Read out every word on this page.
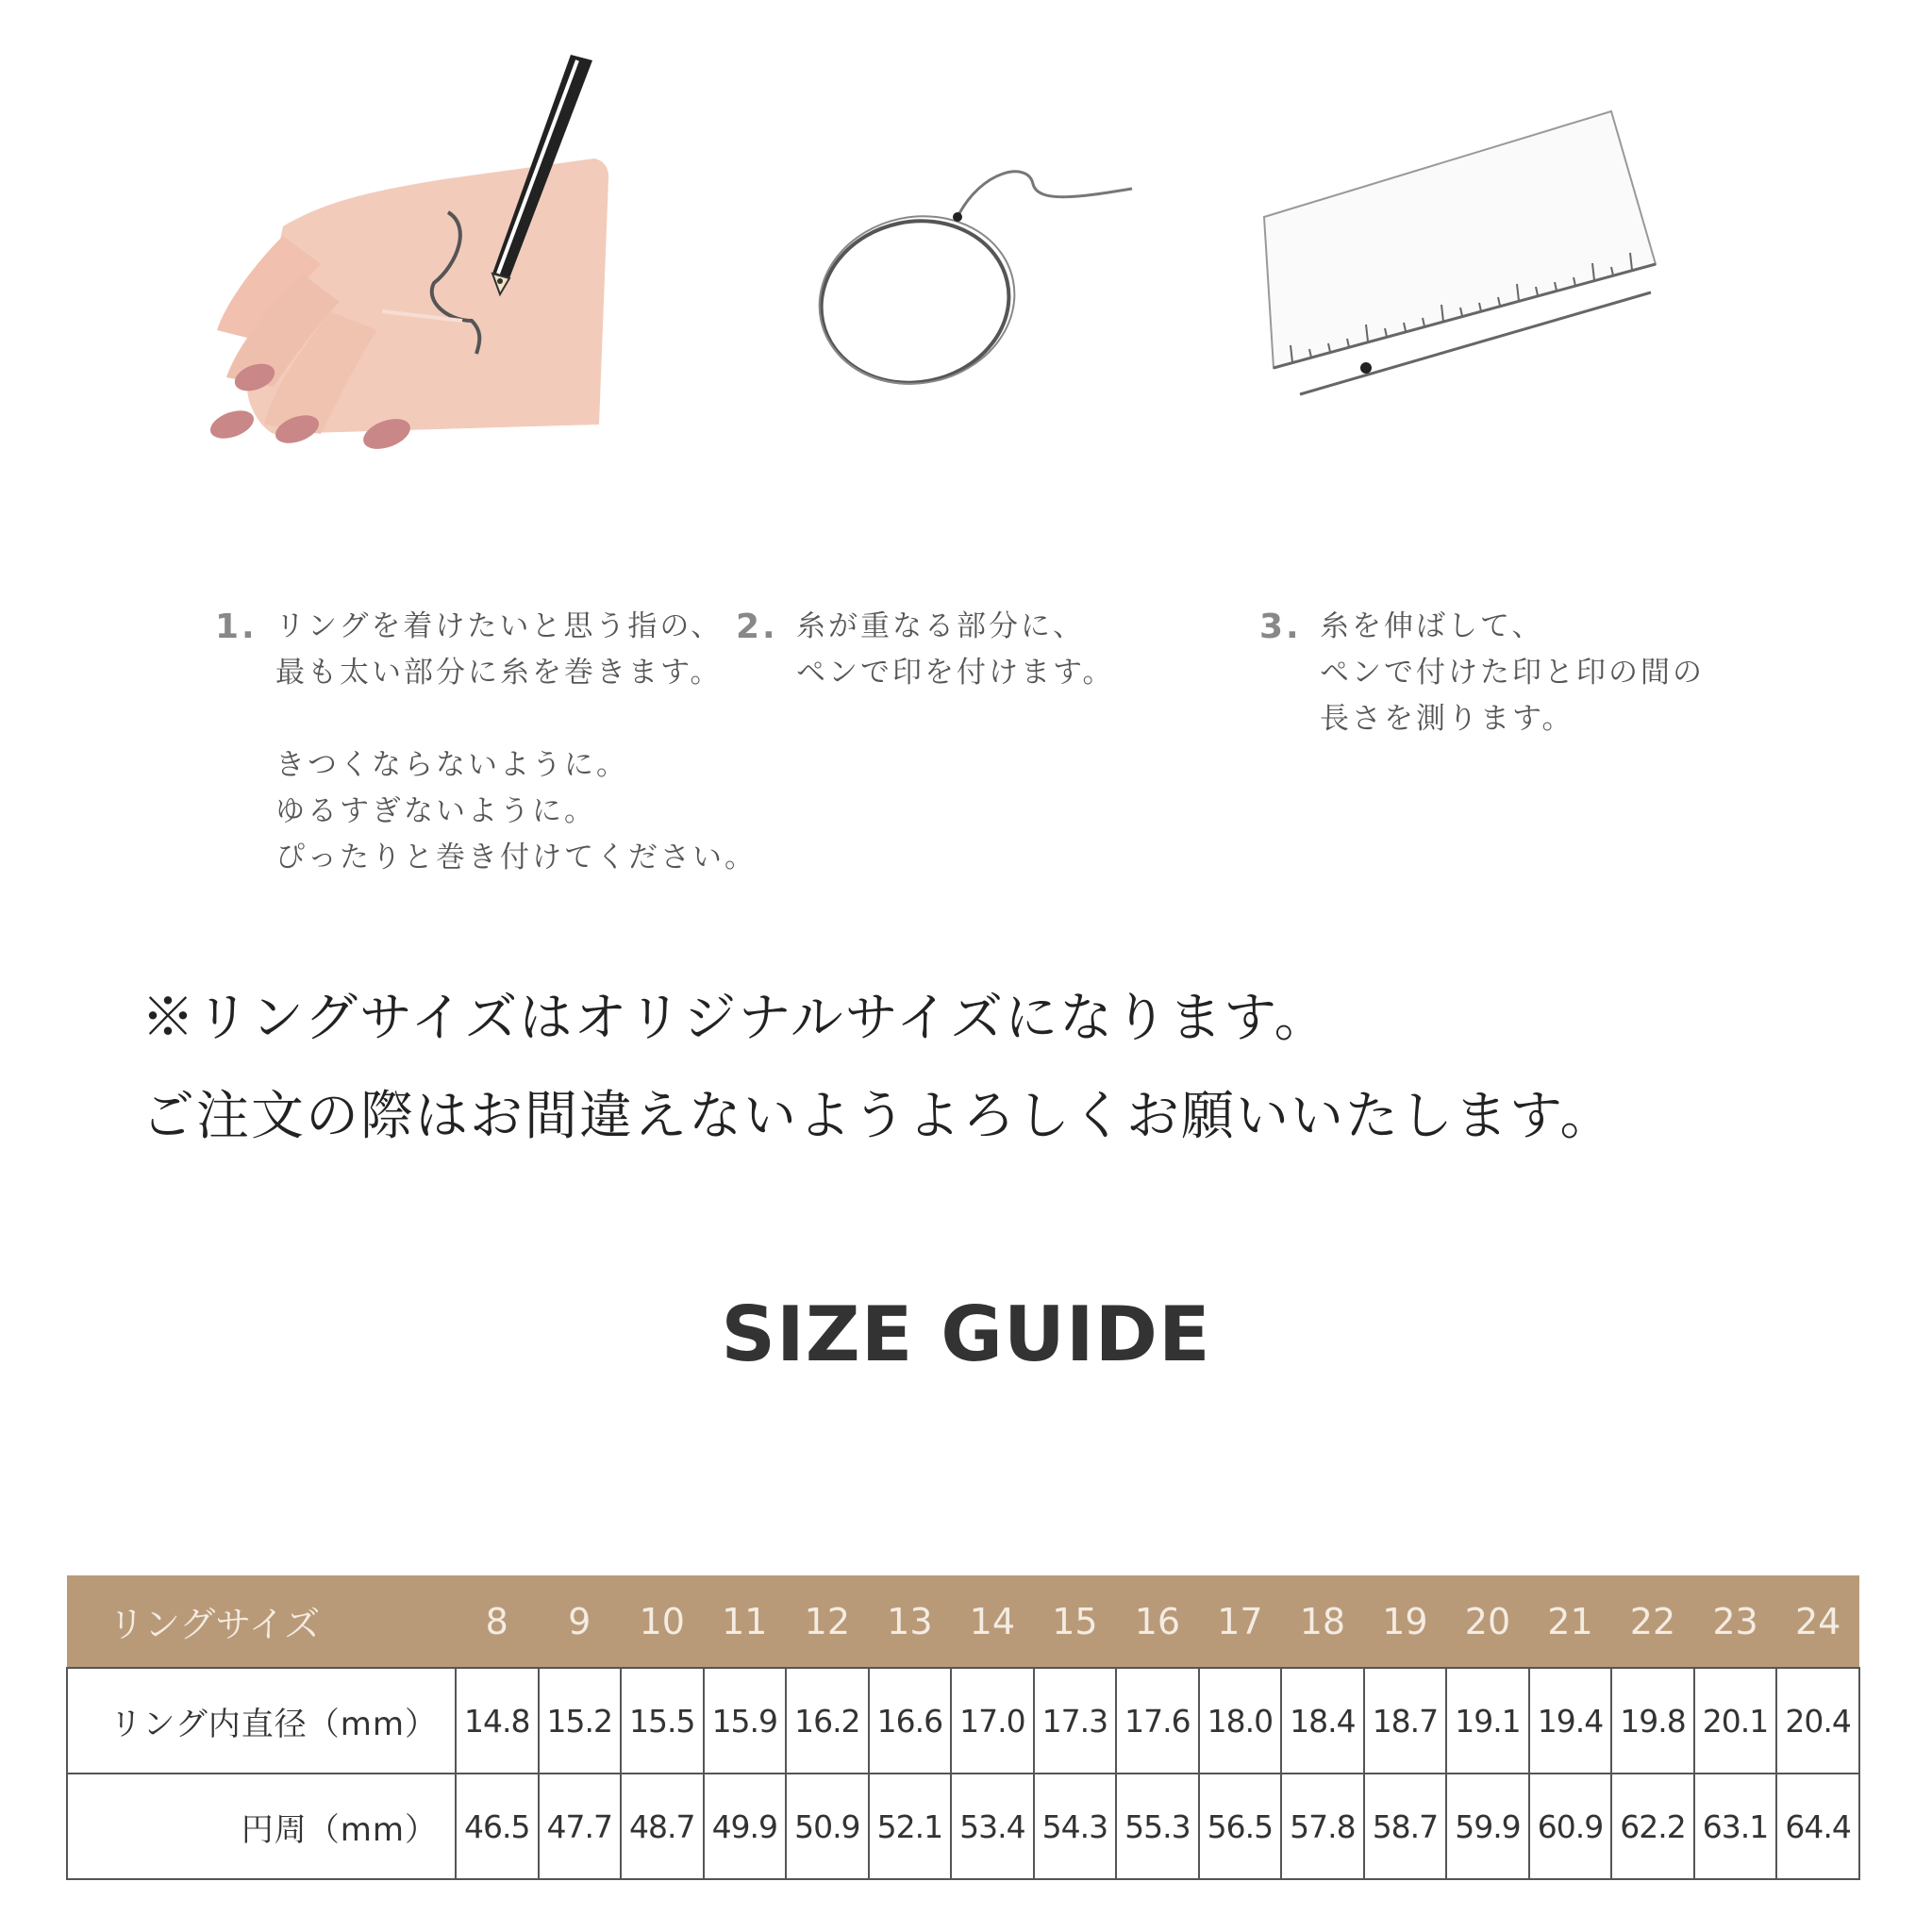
1. リングを着けたいと思う指の、

最も太い部分に糸を巻きます。

きつくならないように。

ゆるすぎないように。

ぴったりと巻き付けてください。

2. 糸が重なる部分に、

ペンで印を付けます。

3. 糸を伸ばして、

ペンで付けた印と印の間の

長さを測ります。

※リングサイズはオリジナルサイズになります。

ご注文の際はお間違えないようよろしくお願いいたします。

SIZE GUIDE
リングサイズ	8	9	10	11	12	13	14	15	16	17	18	19	20	21	22	23	24
リング内直径（mm）	14.8	15.2	15.5	15.9	16.2	16.6	17.0	17.3	17.6	18.0	18.4	18.7	19.1	19.4	19.8	20.1	20.4
円周（mm）	46.5	47.7	48.7	49.9	50.9	52.1	53.4	54.3	55.3	56.5	57.8	58.7	59.9	60.9	62.2	63.1	64.4
